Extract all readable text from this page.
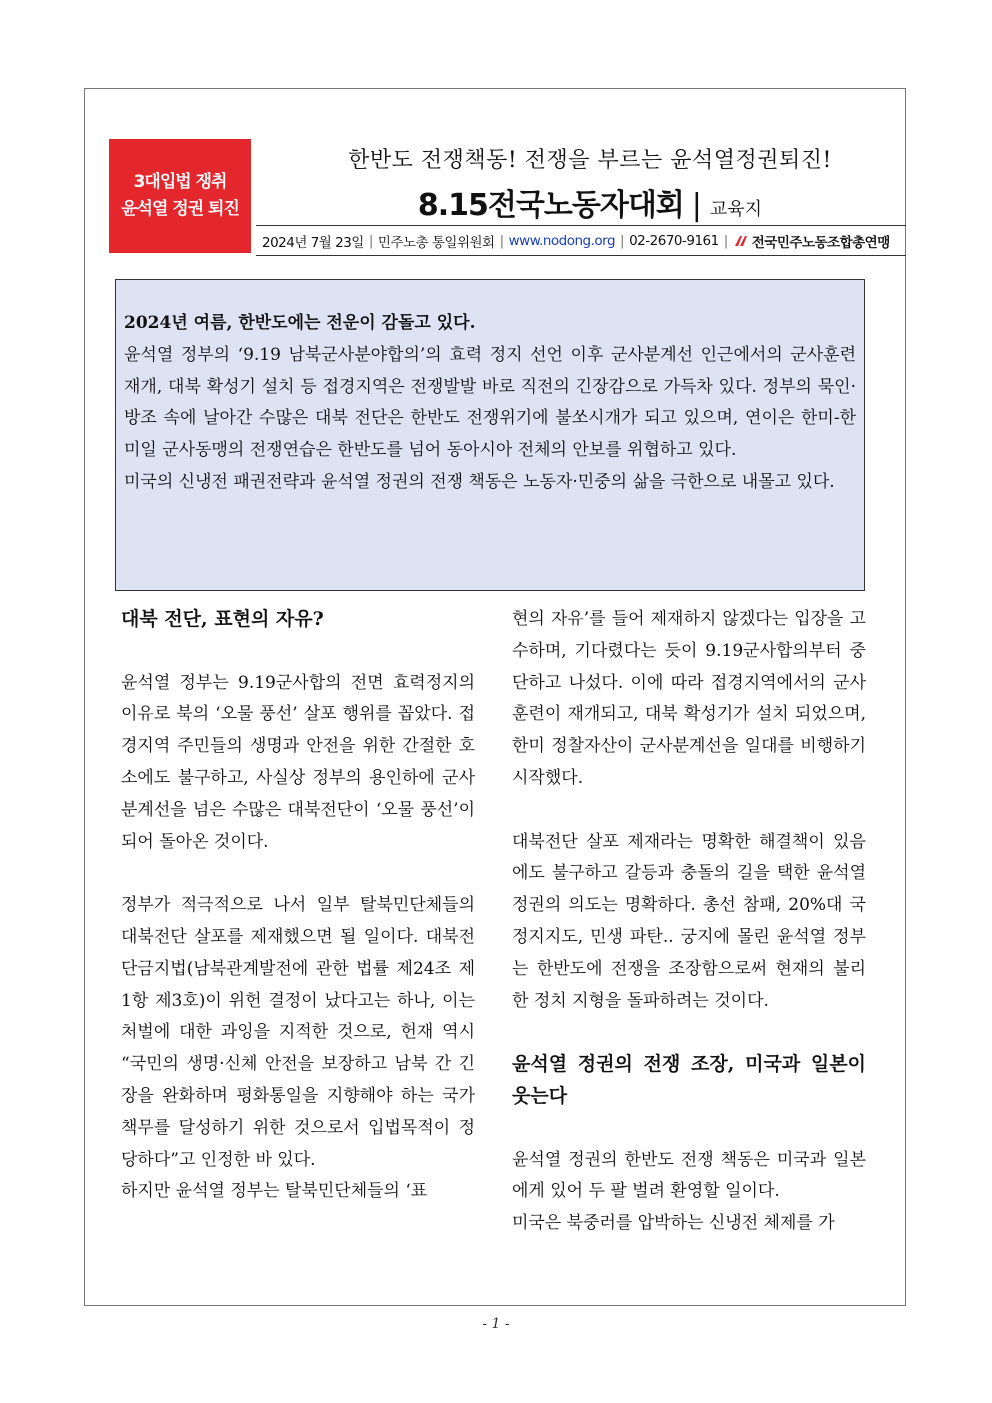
3대입법 쟁취
윤석열 정권 퇴진
한반도 전쟁책동! 전쟁을 부르는 윤석열정권퇴진!
8.15전국노동자대회 | 교육지
2024년 7월 23일 | 민주노총 통일위원회 | www.nodong.org | 02-2670-9161 | 전국민주노동조합총연맹

2024년 여름, 한반도에는 전운이 감돌고 있다.

윤석열 정부의 ‘9.19 남북군사분야합의’의 효력 정지 선언 이후 군사분계선 인근에서의 군사훈련 재개, 대북 확성기 설치 등 접경지역은 전쟁발발 바로 직전의 긴장감으로 가득차 있다. 정부의 묵인·방조 속에 날아간 수많은 대북 전단은 한반도 전쟁위기에 불쏘시개가 되고 있으며, 연이은 한미-한미일 군사동맹의 전쟁연습은 한반도를 넘어 동아시아 전체의 안보를 위협하고 있다.

미국의 신냉전 패권전략과 윤석열 정권의 전쟁 책동은 노동자·민중의 삶을 극한으로 내몰고 있다.

대북 전단, 표현의 자유?

윤석열 정부는 9.19군사합의 전면 효력정지의 이유로 북의 ‘오물 풍선’ 살포 행위를 꼽았다. 접경지역 주민들의 생명과 안전을 위한 간절한 호소에도 불구하고, 사실상 정부의 용인하에 군사분계선을 넘은 수많은 대북전단이 ‘오물 풍선’이 되어 돌아온 것이다.

정부가 적극적으로 나서 일부 탈북민단체들의 대북전단 살포를 제재했으면 될 일이다. 대북전단금지법(남북관계발전에 관한 법률 제24조 제1항 제3호)이 위헌 결정이 났다고는 하나, 이는 처벌에 대한 과잉을 지적한 것으로, 헌재 역시 “국민의 생명·신체 안전을 보장하고 남북 간 긴장을 완화하며 평화통일을 지향해야 하는 국가 책무를 달성하기 위한 것으로서 입법목적이 정당하다”고 인정한 바 있다.

하지만 윤석열 정부는 탈북민단체들의 ‘표

현의 자유’를 들어 제재하지 않겠다는 입장을 고수하며, 기다렸다는 듯이 9.19군사합의부터 중단하고 나섰다. 이에 따라 접경지역에서의 군사 훈련이 재개되고, 대북 확성기가 설치 되었으며, 한미 정찰자산이 군사분계선을 일대를 비행하기 시작했다.

대북전단 살포 제재라는 명확한 해결책이 있음에도 불구하고 갈등과 충돌의 길을 택한 윤석열 정권의 의도는 명확하다. 총선 참패, 20%대 국정지지도, 민생 파탄.. 궁지에 몰린 윤석열 정부는 한반도에 전쟁을 조장함으로써 현재의 불리한 정치 지형을 돌파하려는 것이다.

윤석열 정권의 전쟁 조장, 미국과 일본이 웃는다

윤석열 정권의 한반도 전쟁 책동은 미국과 일본에게 있어 두 팔 벌려 환영할 일이다.

미국은 북중러를 압박하는 신냉전 체제를 가

- 1 -
